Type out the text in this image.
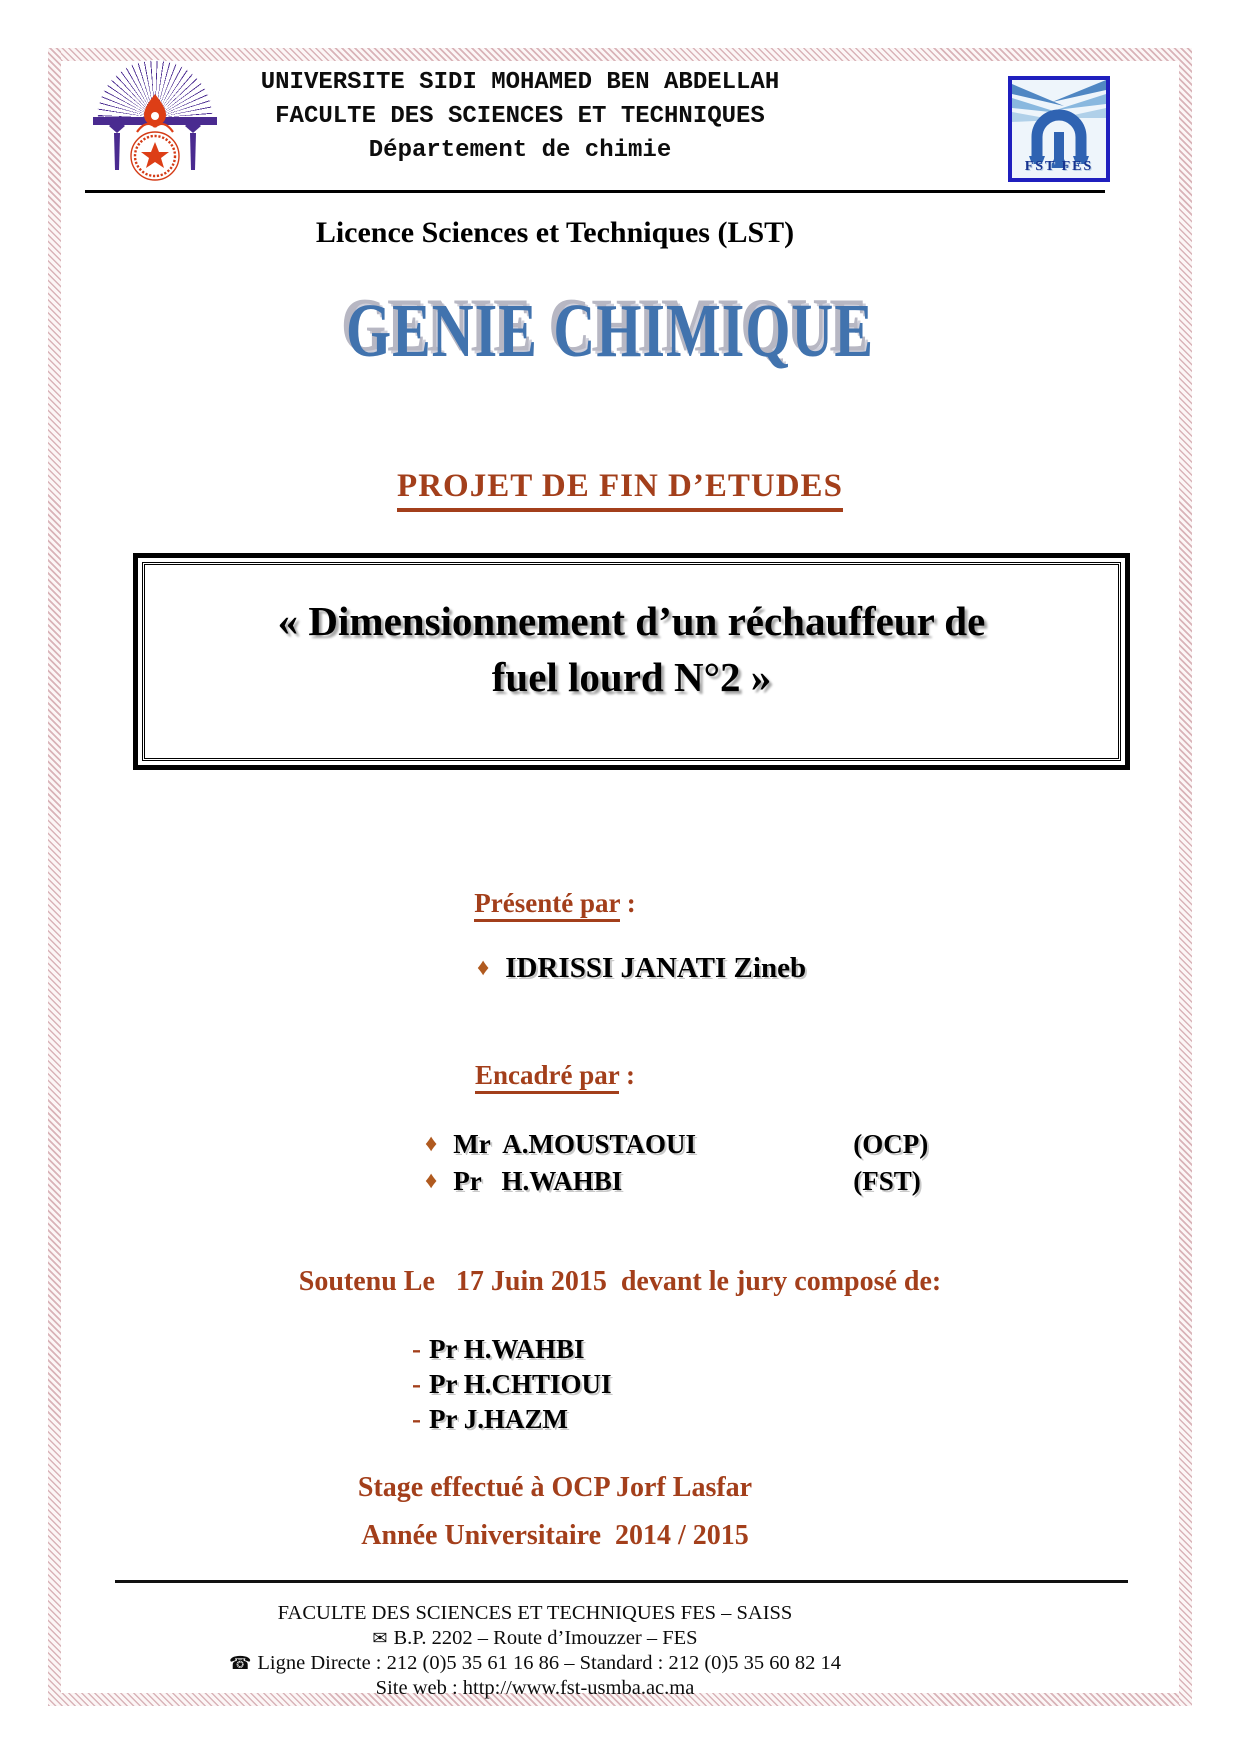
UNIVERSITE SIDI MOHAMED BEN ABDELLAH
FACULTE DES SCIENCES ET TECHNIQUES
Département de chimie
FST FES
Licence Sciences et Techniques (LST)
GENIE CHIMIQUE
PROJET DE FIN D’ETUDES
« Dimensionnement d’un réchauffeur de
fuel lourd N°2 »
Présenté par :
♦ IDRISSI JANATI Zineb
Encadré par :
♦ Mr  A.MOUSTAOUI	(OCP)
♦ Pr   H.WAHBI	(FST)
Soutenu Le   17 Juin 2015  devant le jury composé de:
- Pr H.WAHBI
- Pr H.CHTIOUI
- Pr J.HAZM
Stage effectué à OCP Jorf Lasfar
Année Universitaire  2014 / 2015
FACULTE DES SCIENCES ET TECHNIQUES FES – SAISS
✉ B.P. 2202 – Route d’Imouzzer – FES
☎ Ligne Directe : 212 (0)5 35 61 16 86 – Standard : 212 (0)5 35 60 82 14
Site web : http://www.fst-usmba.ac.ma
